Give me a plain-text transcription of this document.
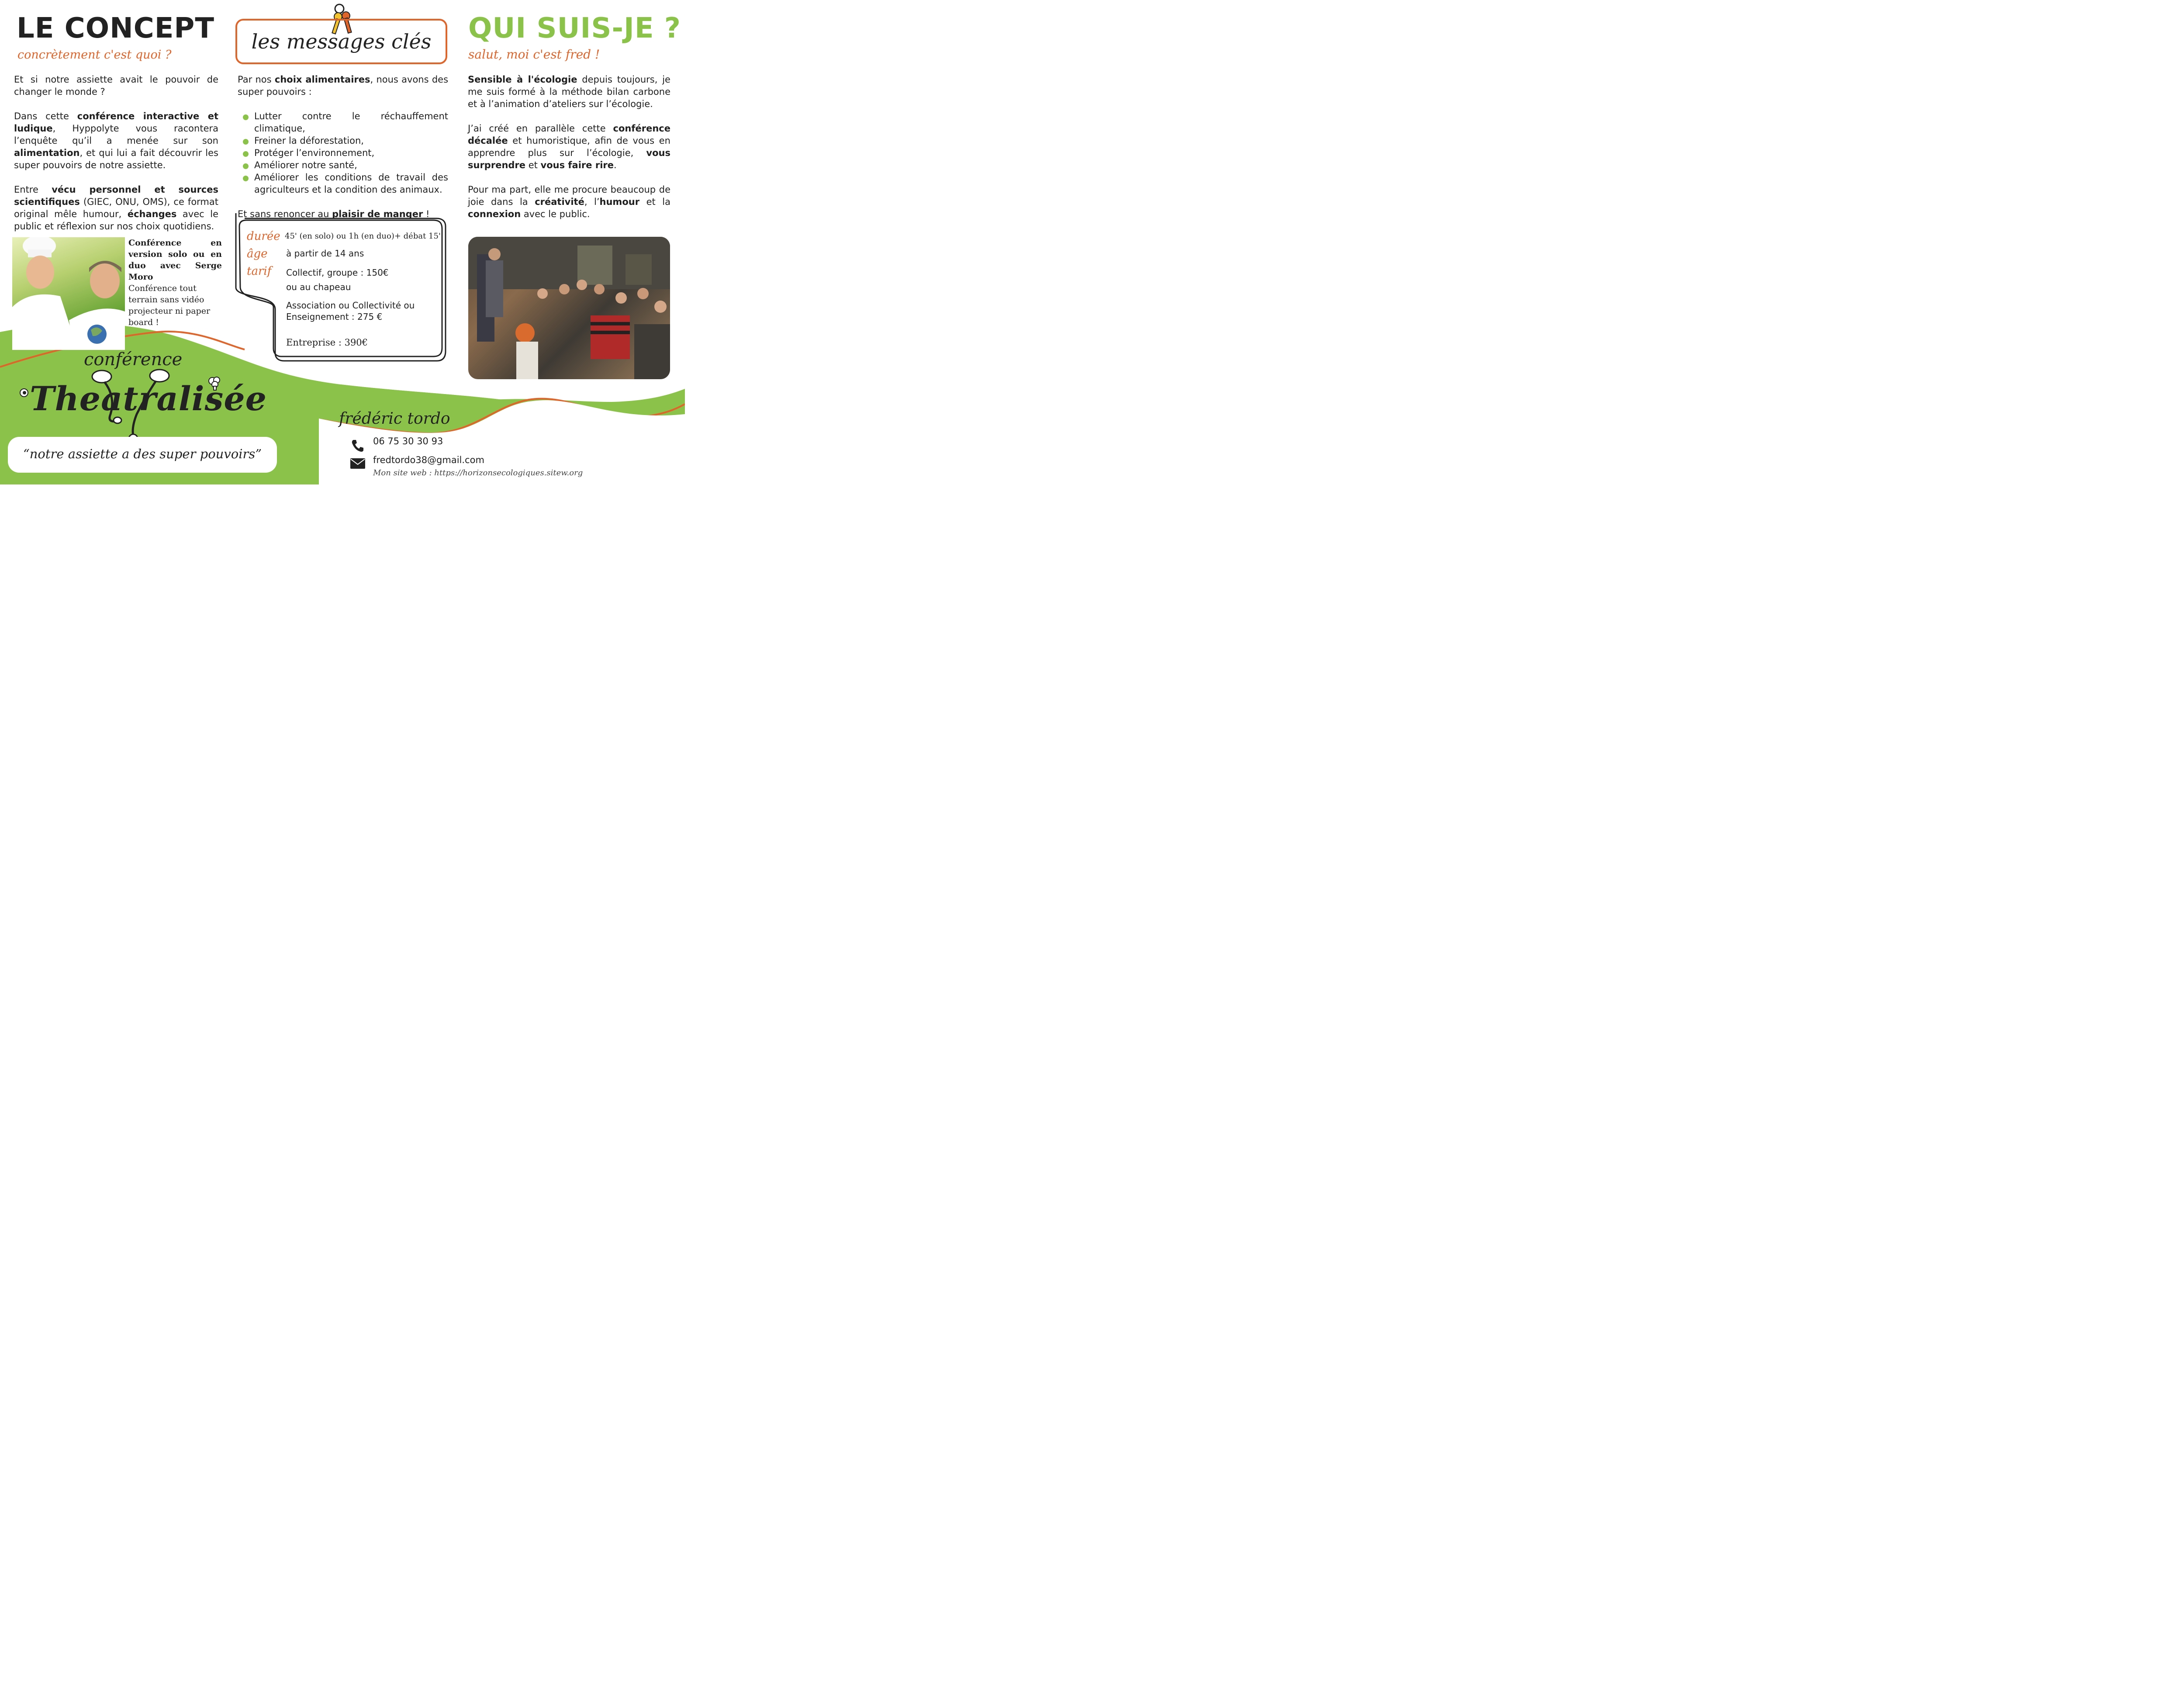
LE CONCEPT
concrètement c'est quoi ?

Et si notre assiette avait le pouvoir de changer le monde ?

Dans cette conférence interactive et ludique, Hyppolyte vous racontera l’enquête qu’il a menée sur son alimentation, et qui lui a fait découvrir les super pouvoirs de notre assiette.

Entre vécu personnel et sources scientifiques (GIEC, ONU, OMS), ce format original mêle humour, échanges avec le public et réflexion sur nos choix quotidiens.

Conférence en version solo ou en duo avec Serge Moro
Conférence tout terrain sans vidéo projecteur ni paper board !
les messages clés
Par nos choix alimentaires, nous avons des super pouvoirs :
Lutter contre le réchauffement climatique,
Freiner la déforestation,
Protéger l’environnement,
Améliorer notre santé,
Améliorer les conditions de travail des agriculteurs et la condition des animaux.
Et sans renoncer au plaisir de manger !
durée
âge
tarif
45' (en solo) ou 1h (en duo)+ débat 15'
à partir de 14 ans
Collectif, groupe : 150€ ou au chapeau
Association ou Collectivité ou Enseignement : 275 €
Entreprise : 390€
QUI SUIS-JE ?
salut, moi c'est fred !

Sensible à l'écologie depuis toujours, je me suis formé à la méthode bilan carbone et à l’animation d’ateliers sur l’écologie.

J’ai créé en parallèle cette conférence décalée et humoristique, afin de vous en apprendre plus sur l’écologie, vous surprendre et vous faire rire.

Pour ma part, elle me procure beaucoup de joie dans la créativité, l’humour et la connexion avec le public.

conférence
Theatralisée
“notre assiette a des super pouvoirs”
frédéric tordo
06 75 30 30 93
fredtordo38@gmail.com
Mon site web : https://horizonsecologiques.sitew.org
